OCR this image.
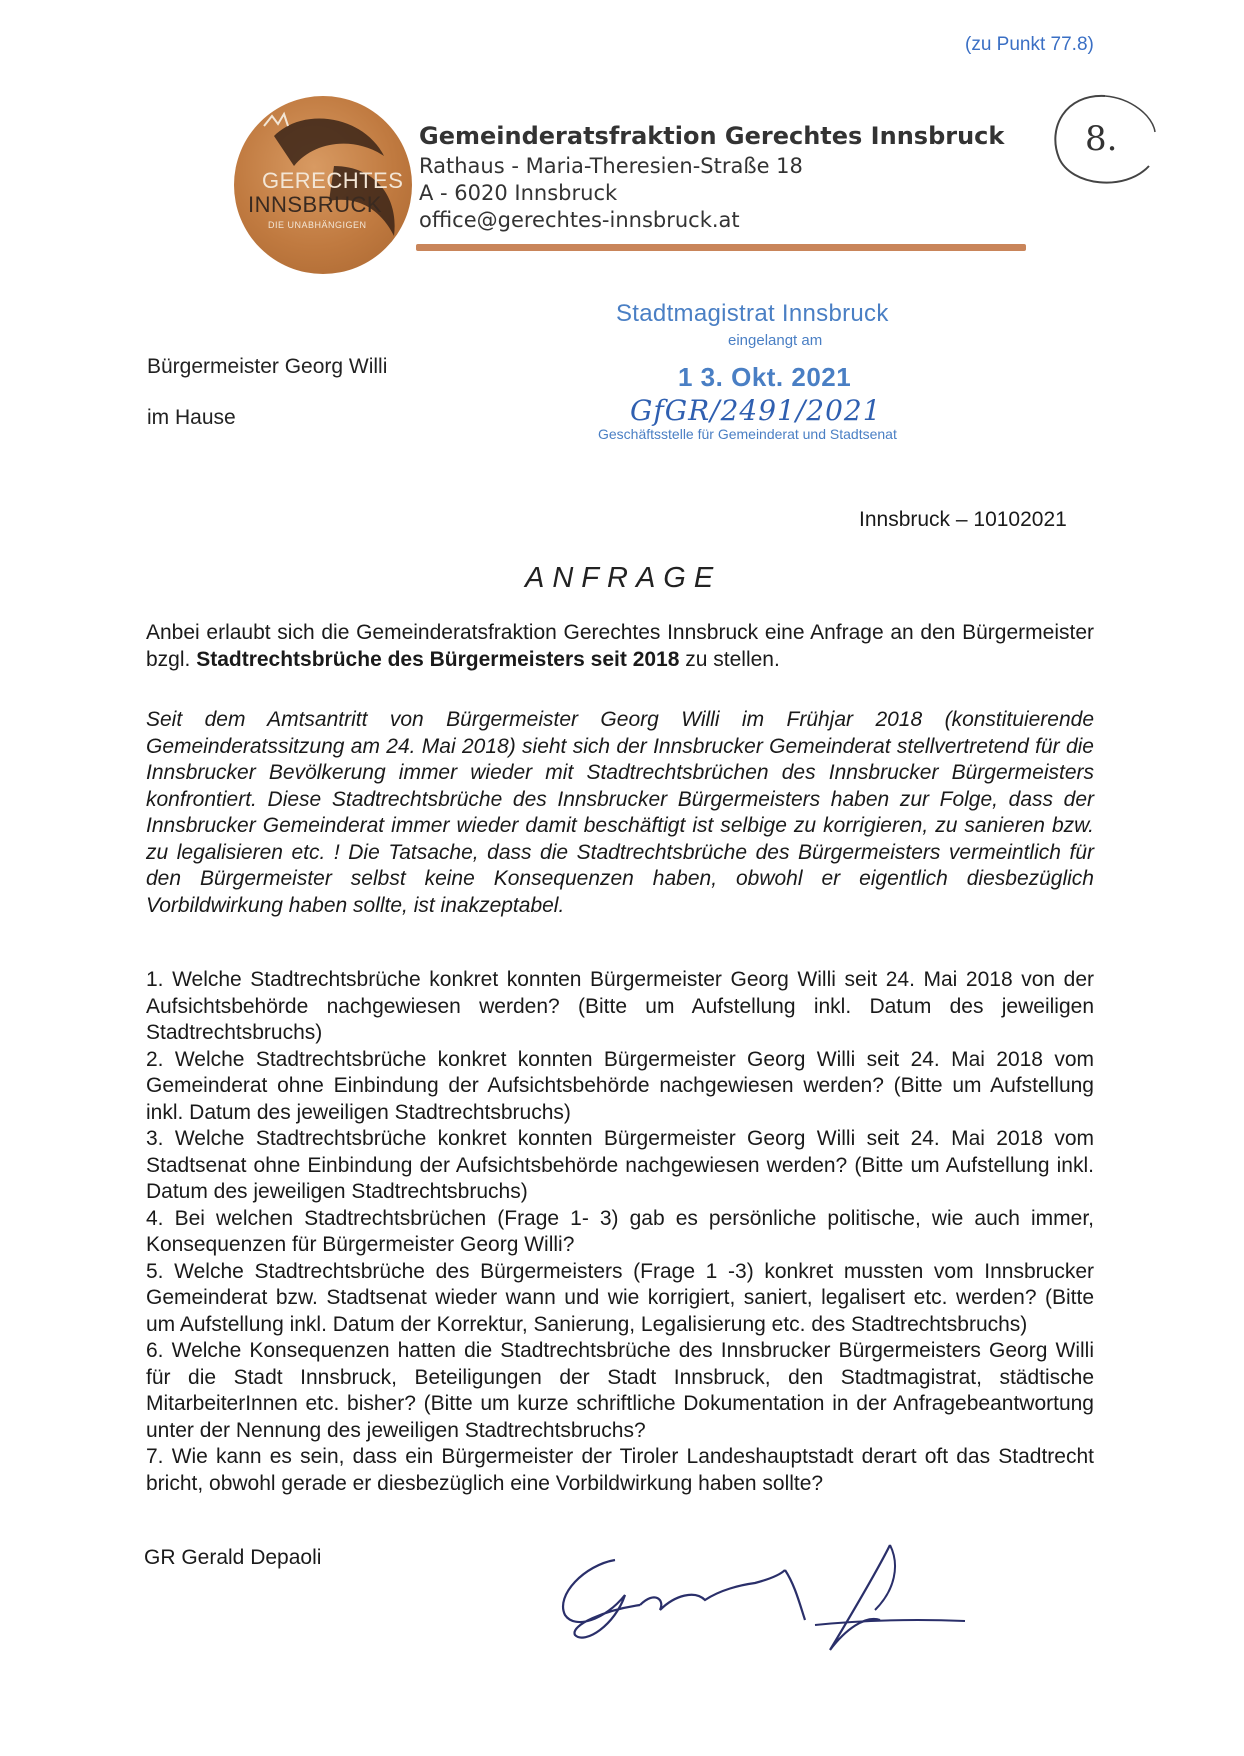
(zu Punkt 77.8)
8.
GERECHTES
INNSBRUCK
DIE UNABHÄNGIGEN
Gemeinderatsfraktion Gerechtes Innsbruck
Rathaus - Maria-Theresien-Straße 18
A - 6020 Innsbruck
office@gerechtes-innsbruck.at
Stadtmagistrat Innsbruck
eingelangt am
1 3. Okt. 2021
GfGR/2491/2021
Geschäftsstelle für Gemeinderat und Stadtsenat
Bürgermeister Georg Willi
im Hause
Innsbruck – 10102021
ANFRAGE
Anbei erlaubt sich die Gemeinderatsfraktion Gerechtes Innsbruck eine Anfrage an den Bürgermeister bzgl. Stadtrechtsbrüche des Bürgermeisters seit 2018 zu stellen.
Seit dem Amtsantritt von Bürgermeister Georg Willi im Frühjar 2018 (konstituierende Gemeinderatssitzung am 24. Mai 2018) sieht sich der Innsbrucker Gemeinderat stellvertretend für die Innsbrucker Bevölkerung immer wieder mit Stadtrechtsbrüchen des Innsbrucker Bürgermeisters konfrontiert. Diese Stadtrechtsbrüche des Innsbrucker Bürgermeisters haben zur Folge, dass der Innsbrucker Gemeinderat immer wieder damit beschäftigt ist selbige zu korrigieren, zu sanieren bzw. zu legalisieren etc. ! Die Tatsache, dass die Stadtrechtsbrüche des Bürgermeisters vermeintlich für den Bürgermeister selbst keine Konsequenzen haben, obwohl er eigentlich diesbezüglich Vorbildwirkung haben sollte, ist inakzeptabel.

1. Welche Stadtrechtsbrüche konkret konnten Bürgermeister Georg Willi seit 24. Mai 2018 von der Aufsichtsbehörde nachgewiesen werden? (Bitte um Aufstellung inkl. Datum des jeweiligen Stadtrechtsbruchs)

2. Welche Stadtrechtsbrüche konkret konnten Bürgermeister Georg Willi seit 24. Mai 2018 vom Gemeinderat ohne Einbindung der Aufsichtsbehörde nachgewiesen werden? (Bitte um Aufstellung inkl. Datum des jeweiligen Stadtrechtsbruchs)

3. Welche Stadtrechtsbrüche konkret konnten Bürgermeister Georg Willi seit 24. Mai 2018 vom Stadtsenat ohne Einbindung der Aufsichtsbehörde nachgewiesen werden? (Bitte um Aufstellung inkl. Datum des jeweiligen Stadtrechtsbruchs)

4. Bei welchen Stadtrechtsbrüchen (Frage 1- 3) gab es persönliche politische, wie auch immer, Konsequenzen für Bürgermeister Georg Willi?

5. Welche Stadtrechtsbrüche des Bürgermeisters (Frage 1 -3) konkret mussten vom Innsbrucker Gemeinderat bzw. Stadtsenat wieder wann und wie korrigiert, saniert, legalisert etc. werden? (Bitte um Aufstellung inkl. Datum der Korrektur, Sanierung, Legalisierung etc. des Stadtrechtsbruchs)

6. Welche Konsequenzen hatten die Stadtrechtsbrüche des Innsbrucker Bürgermeisters Georg Willi für die Stadt Innsbruck, Beteiligungen der Stadt Innsbruck, den Stadtmagistrat, städtische MitarbeiterInnen etc. bisher? (Bitte um kurze schriftliche Dokumentation in der Anfragebeantwortung unter der Nennung des jeweiligen Stadtrechtsbruchs?

7. Wie kann es sein, dass ein Bürgermeister der Tiroler Landeshauptstadt derart oft das Stadtrecht bricht, obwohl gerade er diesbezüglich eine Vorbildwirkung haben sollte?

GR Gerald Depaoli
